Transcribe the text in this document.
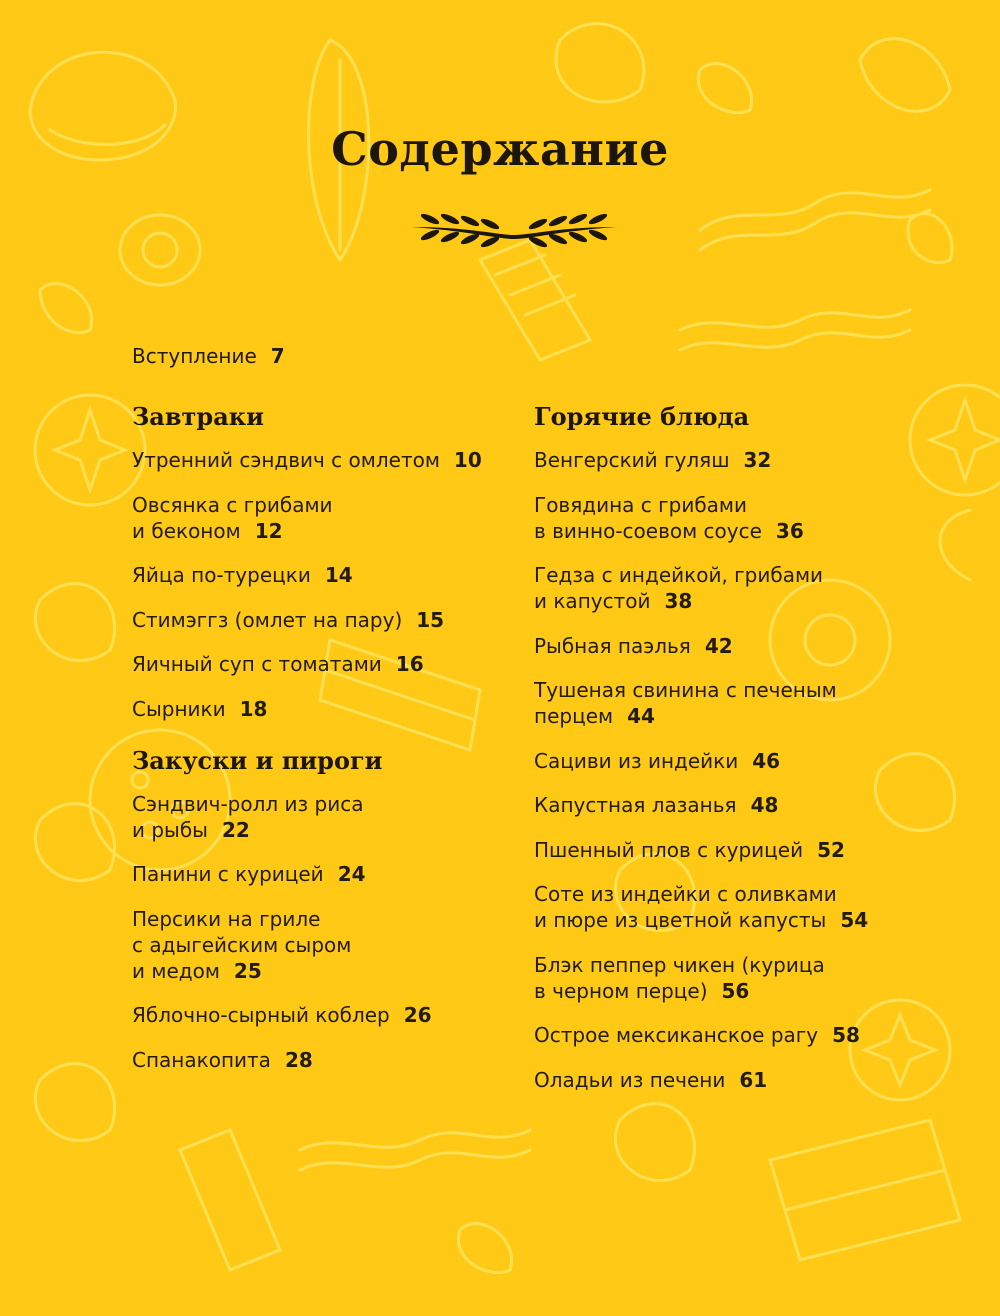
Содержание
Вступление 7
Завтраки
Утренний сэндвич с омлетом 10
Овсянка с грибами
и беконом 12
Яйца по-турецки 14
Стимэггз (омлет на пару) 15
Яичный суп с томатами 16
Сырники 18
Закуски и пироги
Сэндвич-ролл из риса
и рыбы 22
Панини с курицей 24
Персики на гриле
с адыгейским сыром
и медом 25
Яблочно-сырный коблер 26
Спанакопита 28
Горячие блюда
Венгерский гуляш 32
Говядина с грибами
в винно-соевом соусе 36
Гедза с индейкой, грибами
и капустой 38
Рыбная паэлья 42
Тушеная свинина с печеным
перцем 44
Сациви из индейки 46
Капустная лазанья 48
Пшенный плов с курицей 52
Соте из индейки с оливками
и пюре из цветной капусты 54
Блэк пеппер чикен (курица
в черном перце) 56
Острое мексиканское рагу 58
Оладьи из печени 61
